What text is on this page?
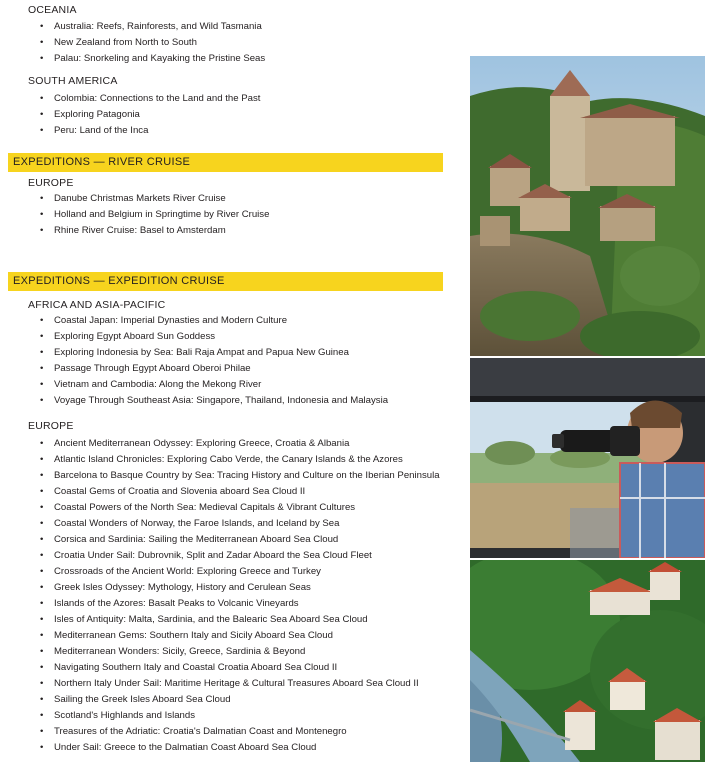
OCEANIA
• Australia: Reefs, Rainforests, and Wild Tasmania
• New Zealand from North to South
• Palau: Snorkeling and Kayaking the Pristine Seas
SOUTH AMERICA
• Colombia: Connections to the Land and the Past
• Exploring Patagonia
• Peru: Land of the Inca
EXPEDITIONS — RIVER CRUISE
EUROPE
• Danube Christmas Markets River Cruise
• Holland and Belgium in Springtime by River Cruise
• Rhine River Cruise: Basel to Amsterdam
EXPEDITIONS — EXPEDITION CRUISE
AFRICA AND ASIA-PACIFIC
• Coastal Japan: Imperial Dynasties and Modern Culture
• Exploring Egypt Aboard Sun Goddess
• Exploring Indonesia by Sea: Bali Raja Ampat and Papua New Guinea
• Passage Through Egypt Aboard Oberoi Philae
• Vietnam and Cambodia: Along the Mekong River
• Voyage Through Southeast Asia: Singapore, Thailand, Indonesia and Malaysia
EUROPE
• Ancient Mediterranean Odyssey: Exploring Greece, Croatia & Albania
• Atlantic Island Chronicles: Exploring Cabo Verde, the Canary Islands & the Azores
• Barcelona to Basque Country by Sea: Tracing History and Culture on the Iberian Peninsula
• Coastal Gems of Croatia and Slovenia aboard Sea Cloud II
• Coastal Powers of the North Sea: Medieval Capitals & Vibrant Cultures
• Coastal Wonders of Norway, the Faroe Islands, and Iceland by Sea
• Corsica and Sardinia: Sailing the Mediterranean Aboard Sea Cloud
• Croatia Under Sail: Dubrovnik, Split and Zadar Aboard the Sea Cloud Fleet
• Crossroads of the Ancient World: Exploring Greece and Turkey
• Greek Isles Odyssey: Mythology, History and Cerulean Seas
• Islands of the Azores: Basalt Peaks to Volcanic Vineyards
• Isles of Antiquity: Malta, Sardinia, and the Balearic Sea Aboard Sea Cloud
• Mediterranean Gems: Southern Italy and Sicily Aboard Sea Cloud
• Mediterranean Wonders: Sicily, Greece, Sardinia & Beyond
• Navigating Southern Italy and Coastal Croatia Aboard Sea Cloud II
• Northern Italy Under Sail: Maritime Heritage & Cultural Treasures Aboard Sea Cloud II
• Sailing the Greek Isles Aboard Sea Cloud
• Scotland's Highlands and Islands
• Treasures of the Adriatic: Croatia's Dalmatian Coast and Montenegro
• Under Sail: Greece to the Dalmatian Coast Aboard Sea Cloud
